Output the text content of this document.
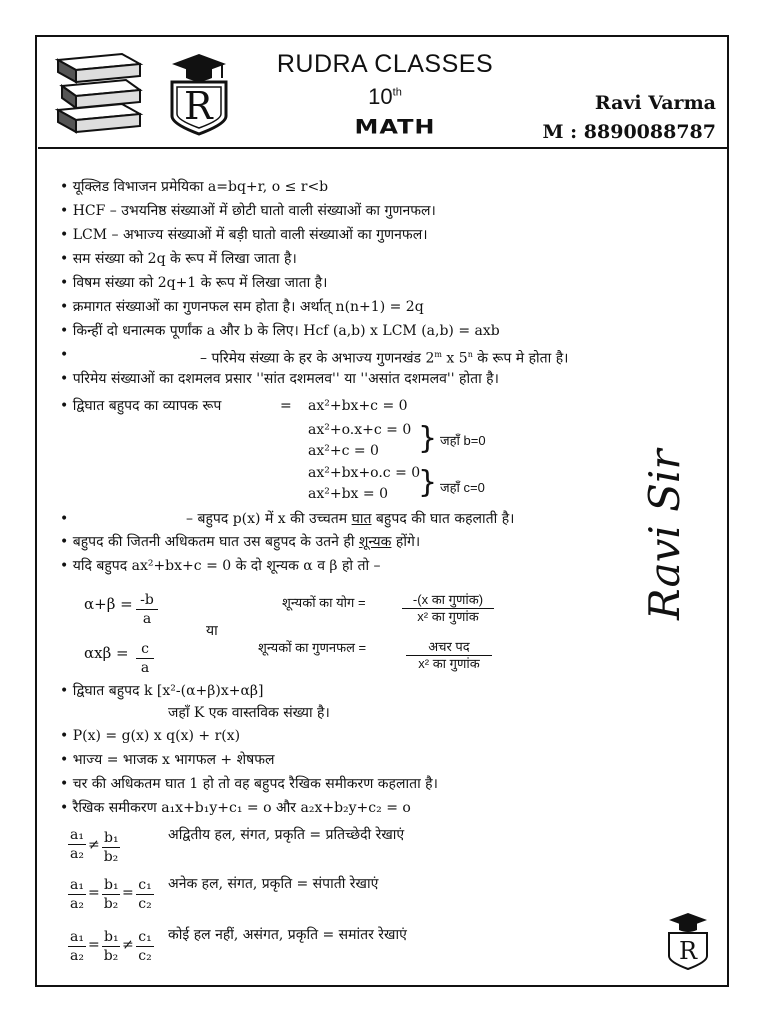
R
RUDRA CLASSES
10th
MATH
Ravi Varma
M : 8890088787
Ravi Sir
• यूक्लिड विभाजन प्रमेयिका a=bq+r, o ≤ r<b
• HCF – उभयनिष्ठ संख्याओं में छोटी घातो वाली संख्याओं का गुणनफल।
• LCM – अभाज्य संख्याओं में बड़ी घातो वाली संख्याओं का गुणनफल।
• सम संख्या को 2q के रूप में लिखा जाता है।
• विषम संख्या को 2q+1 के रूप में लिखा जाता है।
• क्रमागत संख्याओं का गुणनफल सम होता है। अर्थात् n(n+1) = 2q
• किन्हीं दो धनात्मक पूर्णांक a और b के लिए। Hcf (a,b) x LCM (a,b) = axb
•	– परिमेय संख्या के हर के अभाज्य गुणनखंड 2$^m$ x 5$^n$ के रूप मे होता है।
• परिमेय संख्याओं का दशमलव प्रसार ''सांत दशमलव'' या ''असांत दशमलव'' होता है।
• द्विघात बहुपद का व्यापक रूप	= ax²+bx+c = 0
ax²+o.x+c = 0
ax²+c = 0 } जहाँ b=0
ax²+bx+o.c = 0
ax²+bx = 0 } जहाँ c=0
•	– बहुपद p(x) में x की उच्चतम घात बहुपद की घात कहलाती है।
• बहुपद की जितनी अधिकतम घात उस बहुपद के उतने ही शून्यक होंगे।
• यदि बहुपद ax²+bx+c = 0 के दो शून्यक α व β हो तो –
$\alpha+\beta = \frac{-b}{a}$
या
शून्यकों का योग =	-(x का गुणांक)
x² का गुणांक
$\alpha x\beta = \frac{c}{a}$	शून्यकों का गुणनफल =	अचर पद
x² का गुणांक
• द्विघात बहुपद k [x²-(α+β)x+αβ]
जहाँ K एक वास्तविक संख्या है।
• P(x) = g(x) x q(x) + r(x)
• भाज्य = भाजक x भागफल + शेषफल
• चर की अधिकतम घात 1 हो तो वह बहुपद रैखिक समीकरण कहलाता है।
• रैखिक समीकरण a₁x+b₁y+c₁ = o और a₂x+b₂y+c₂ = o
$\frac{\text{a₁}}{\text{a₂}} \ne \frac{\text{b₁}}{\text{b₂}}$	अद्वितीय हल, संगत, प्रकृति = प्रतिच्छेदी रेखाएं
$\frac{\text{a₁}}{\text{a₂}} = \frac{\text{b₁}}{\text{b₂}} = \frac{\text{c₁}}{\text{c₂}}$ अनेक हल, संगत, प्रकृति = संपाती रेखाएं
$\frac{\text{a₁}}{\text{a₂}} = \frac{\text{b₁}}{\text{b₂}} \ne \frac{\text{c₁}}{\text{c₂}}$ कोई हल नहीं, असंगत, प्रकृति = समांतर रेखाएं
R
